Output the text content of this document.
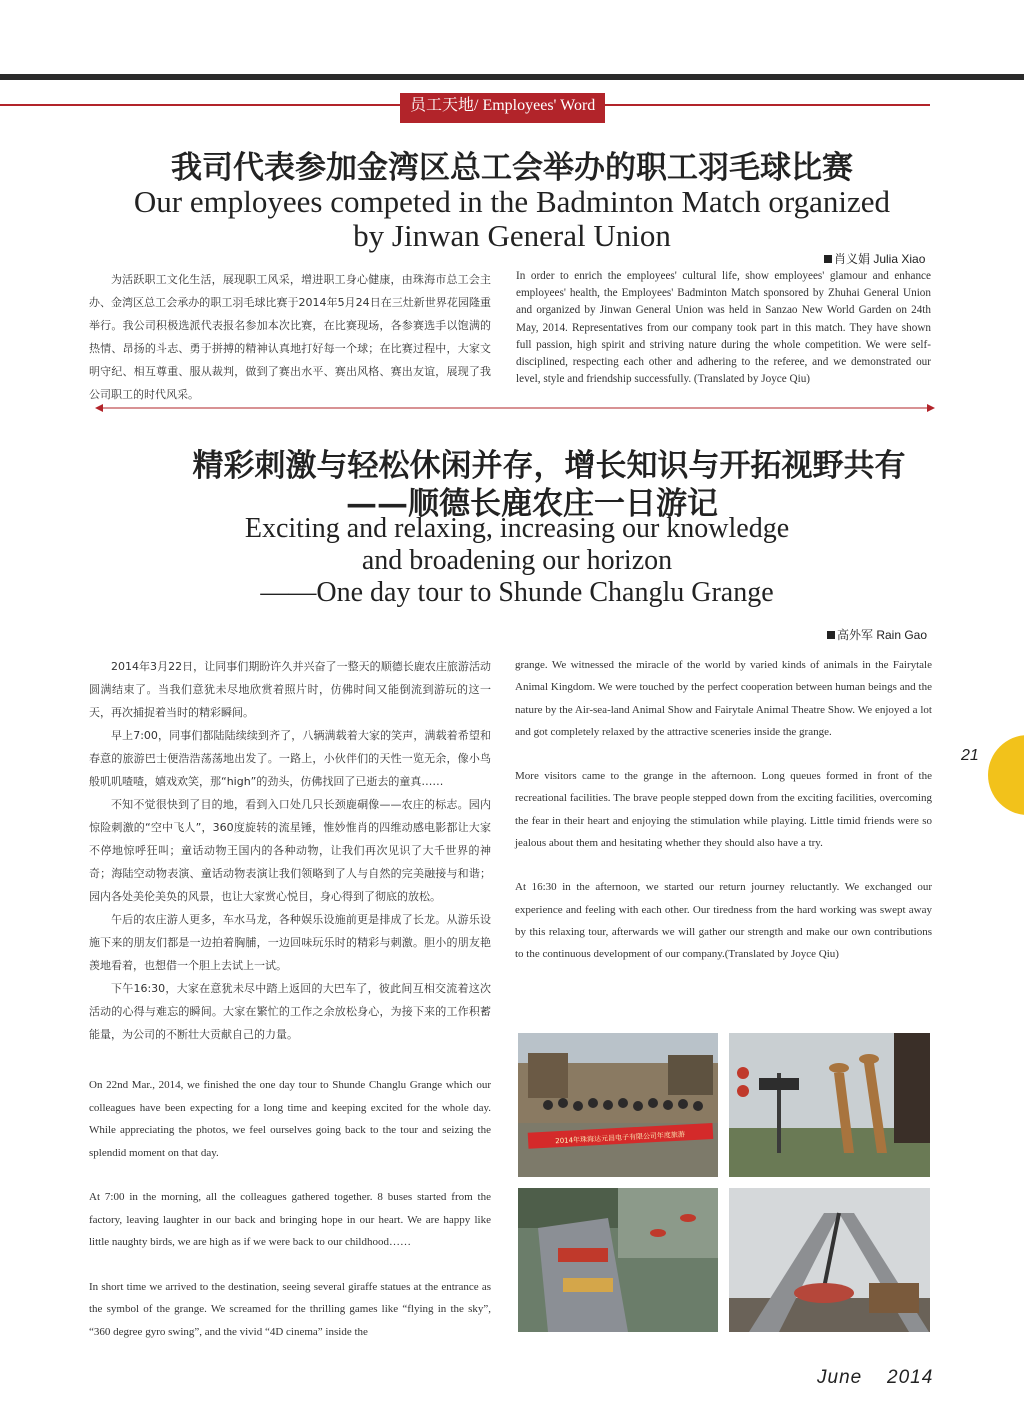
员工天地/ Employees' Word
我司代表参加金湾区总工会举办的职工羽毛球比赛
Our employees competed in the Badminton Match organized
by Jinwan General Union
肖义娟 Julia Xiao

为活跃职工文化生活，展现职工风采，增进职工身心健康，由珠海市总工会主办、金湾区总工会承办的职工羽毛球比赛于2014年5月24日在三灶新世界花园隆重举行。我公司积极选派代表报名参加本次比赛，在比赛现场，各参赛选手以饱满的热情、昂扬的斗志、勇于拼搏的精神认真地打好每一个球；在比赛过程中，大家文明守纪、相互尊重、服从裁判，做到了赛出水平、赛出风格、赛出友谊，展现了我公司职工的时代风采。

In order to enrich the employees' cultural life, show employees' glamour and enhance employees' health, the Employees' Badminton Match sponsored by Zhuhai General Union and organized by Jinwan General Union was held in Sanzao New World Garden on 24th May, 2014. Representatives from our company took part in this match. They have shown full passion, high spirit and striving nature during the whole competition. We were self-disciplined, respecting each other and adhering to the referee, and we demonstrated our level, style and friendship successfully. (Translated by Joyce Qiu)

精彩刺激与轻松休闲并存，增长知识与开拓视野共有
——顺德长鹿农庄一日游记
Exciting and relaxing, increasing our knowledge
and broadening our horizon
——One day tour to Shunde Changlu Grange
高外军 Rain Gao

2014年3月22日，让同事们期盼许久并兴奋了一整天的顺德长鹿农庄旅游活动圆满结束了。当我们意犹未尽地欣赏着照片时，仿佛时间又能倒流到游玩的这一天，再次捕捉着当时的精彩瞬间。

早上7:00，同事们都陆陆续续到齐了，八辆满载着大家的笑声，满载着希望和春意的旅游巴士便浩浩荡荡地出发了。一路上，小伙伴们的天性一览无余，像小鸟般叽叽喳喳，嬉戏欢笑，那“high”的劲头，仿佛找回了已逝去的童真……

不知不觉很快到了目的地，看到入口处几只长颈鹿硐像——农庄的标志。园内惊险刺激的“空中飞人”，360度旋转的流星锤，惟妙惟肖的四维动感电影都让大家不停地惊呼狂叫；童话动物王国内的各种动物，让我们再次见识了大千世界的神奇；海陆空动物表演、童话动物表演让我们领略到了人与自然的完美融接与和谐；园内各处美伦美奂的风景，也让大家赏心悦目，身心得到了彻底的放松。

午后的农庄游人更多，车水马龙，各种娱乐设施前更是排成了长龙。从游乐设施下来的朋友们都是一边拍着胸脯，一边回味玩乐时的精彩与刺激。胆小的朋友艳羡地看着，也想借一个胆上去试上一试。

下午16:30，大家在意犹未尽中踏上返回的大巴车了，彼此间互相交流着这次活动的心得与难忘的瞬间。大家在繁忙的工作之余放松身心，为接下来的工作积蓄能量，为公司的不断壮大贡献自己的力量。

On 22nd Mar., 2014, we finished the one day tour to Shunde Changlu Grange which our colleagues have been expecting for a long time and keeping excited for the whole day. While appreciating the photos, we feel ourselves going back to the tour and seizing the splendid moment on that day.

At 7:00 in the morning, all the colleagues gathered together. 8 buses started from the factory, leaving laughter in our back and bringing hope in our heart. We are happy like little naughty birds, we are high as if we were back to our childhood……

In short time we arrived to the destination, seeing several giraffe statues at the entrance as the symbol of the grange. We screamed for the thrilling games like “flying in the sky”, “360 degree gyro swing”, and the vivid “4D cinema” inside the

grange. We witnessed the miracle of the world by varied kinds of animals in the Fairytale Animal Kingdom. We were touched by the perfect cooperation between human beings and the nature by the Air-sea-land Animal Show and Fairytale Animal Theatre Show. We enjoyed a lot and got completely relaxed by the attractive sceneries inside the grange.

More visitors came to the grange in the afternoon. Long queues formed in front of the recreational facilities. The brave people stepped down from the exciting facilities, overcoming the fear in their heart and enjoying the stimulation while playing. Little timid friends were so jealous about them and hesitating whether they should also have a try.

At 16:30 in the afternoon, we started our return journey reluctantly. We exchanged our experience and feeling with each other. Our tiredness from the hard working was swept away by this relaxing tour, afterwards we will gather our strength and make our own contributions to the continuous development of our company.(Translated by Joyce Qiu)

2014年珠海达元昌电子有限公司年度旅游
21
June 2014
